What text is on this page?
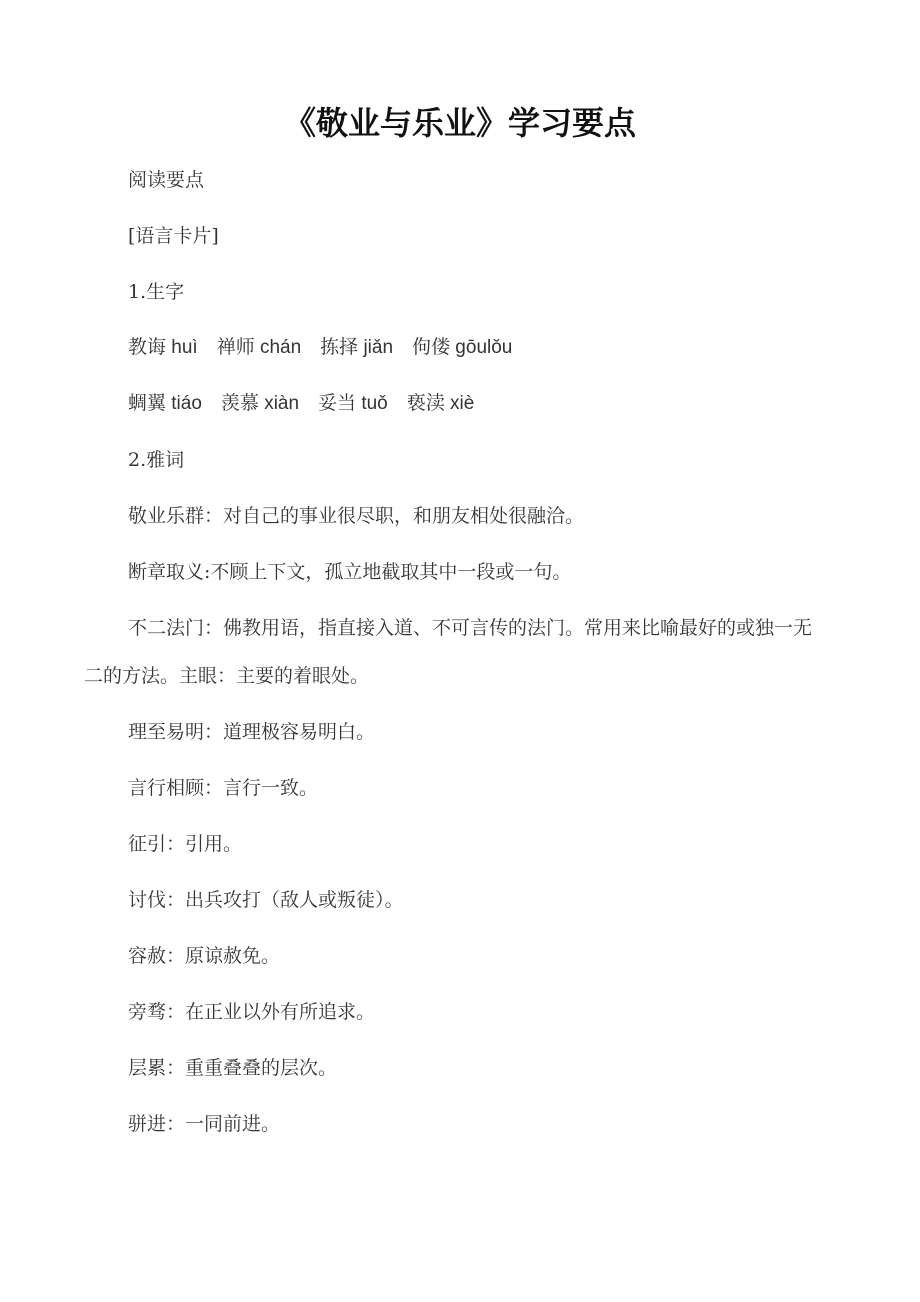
《敬业与乐业》学习要点

阅读要点

[语言卡片]

1.生字

教诲 huì　禅师 chán　拣择 jiǎn　佝偻 gōulǒu

蜩翼 tiáo　羡慕 xiàn　妥当 tuǒ　亵渎 xiè

2.雅词

敬业乐群：对自己的事业很尽职，和朋友相处很融洽。

断章取义:不顾上下文，孤立地截取其中一段或一句。

不二法门：佛教用语，指直接入道、不可言传的法门。常用来比喻最好的或独一无二的方法。主眼：主要的着眼处。

理至易明：道理极容易明白。

言行相顾：言行一致。

征引：引用。

讨伐：出兵攻打（敌人或叛徒）。

容赦：原谅赦免。

旁骛：在正业以外有所追求。

层累：重重叠叠的层次。

骈进：一同前进。
